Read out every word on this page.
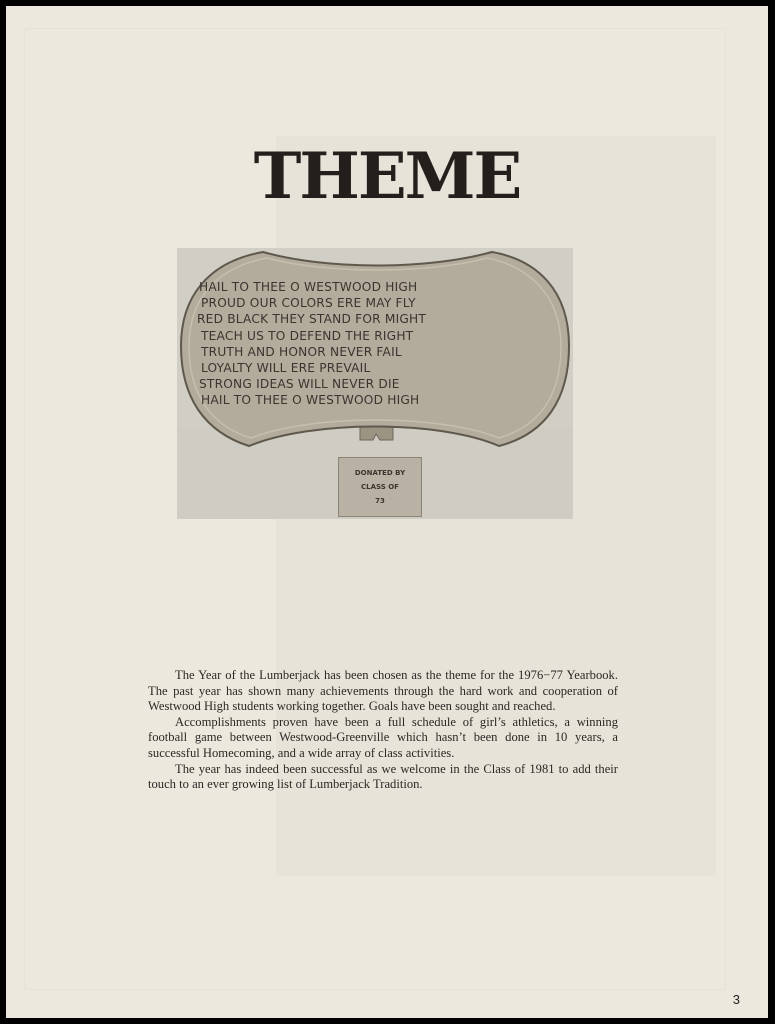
THEME
HAIL TO THEE O WESTWOOD HIGH
PROUD OUR COLORS ERE MAY FLY
RED BLACK THEY STAND FOR MIGHT
TEACH US TO DEFEND THE RIGHT
TRUTH AND HONOR NEVER FAIL
LOYALTY WILL ERE PREVAIL
STRONG IDEAS WILL NEVER DIE
HAIL TO THEE O WESTWOOD HIGH
DONATED BY
CLASS OF
73

The Year of the Lumberjack has been chosen as the theme for the 1976−77 Yearbook. The past year has shown many achievements through the hard work and cooperation of Westwood High students working together. Goals have been sought and reached.

Accomplishments proven have been a full schedule of girl’s athletics, a winning football game between Westwood-Greenville which hasn’t been done in 10 years, a successful Homecoming, and a wide array of class activities.

The year has indeed been successful as we welcome in the Class of 1981 to add their touch to an ever growing list of Lumberjack Tradition.

3
